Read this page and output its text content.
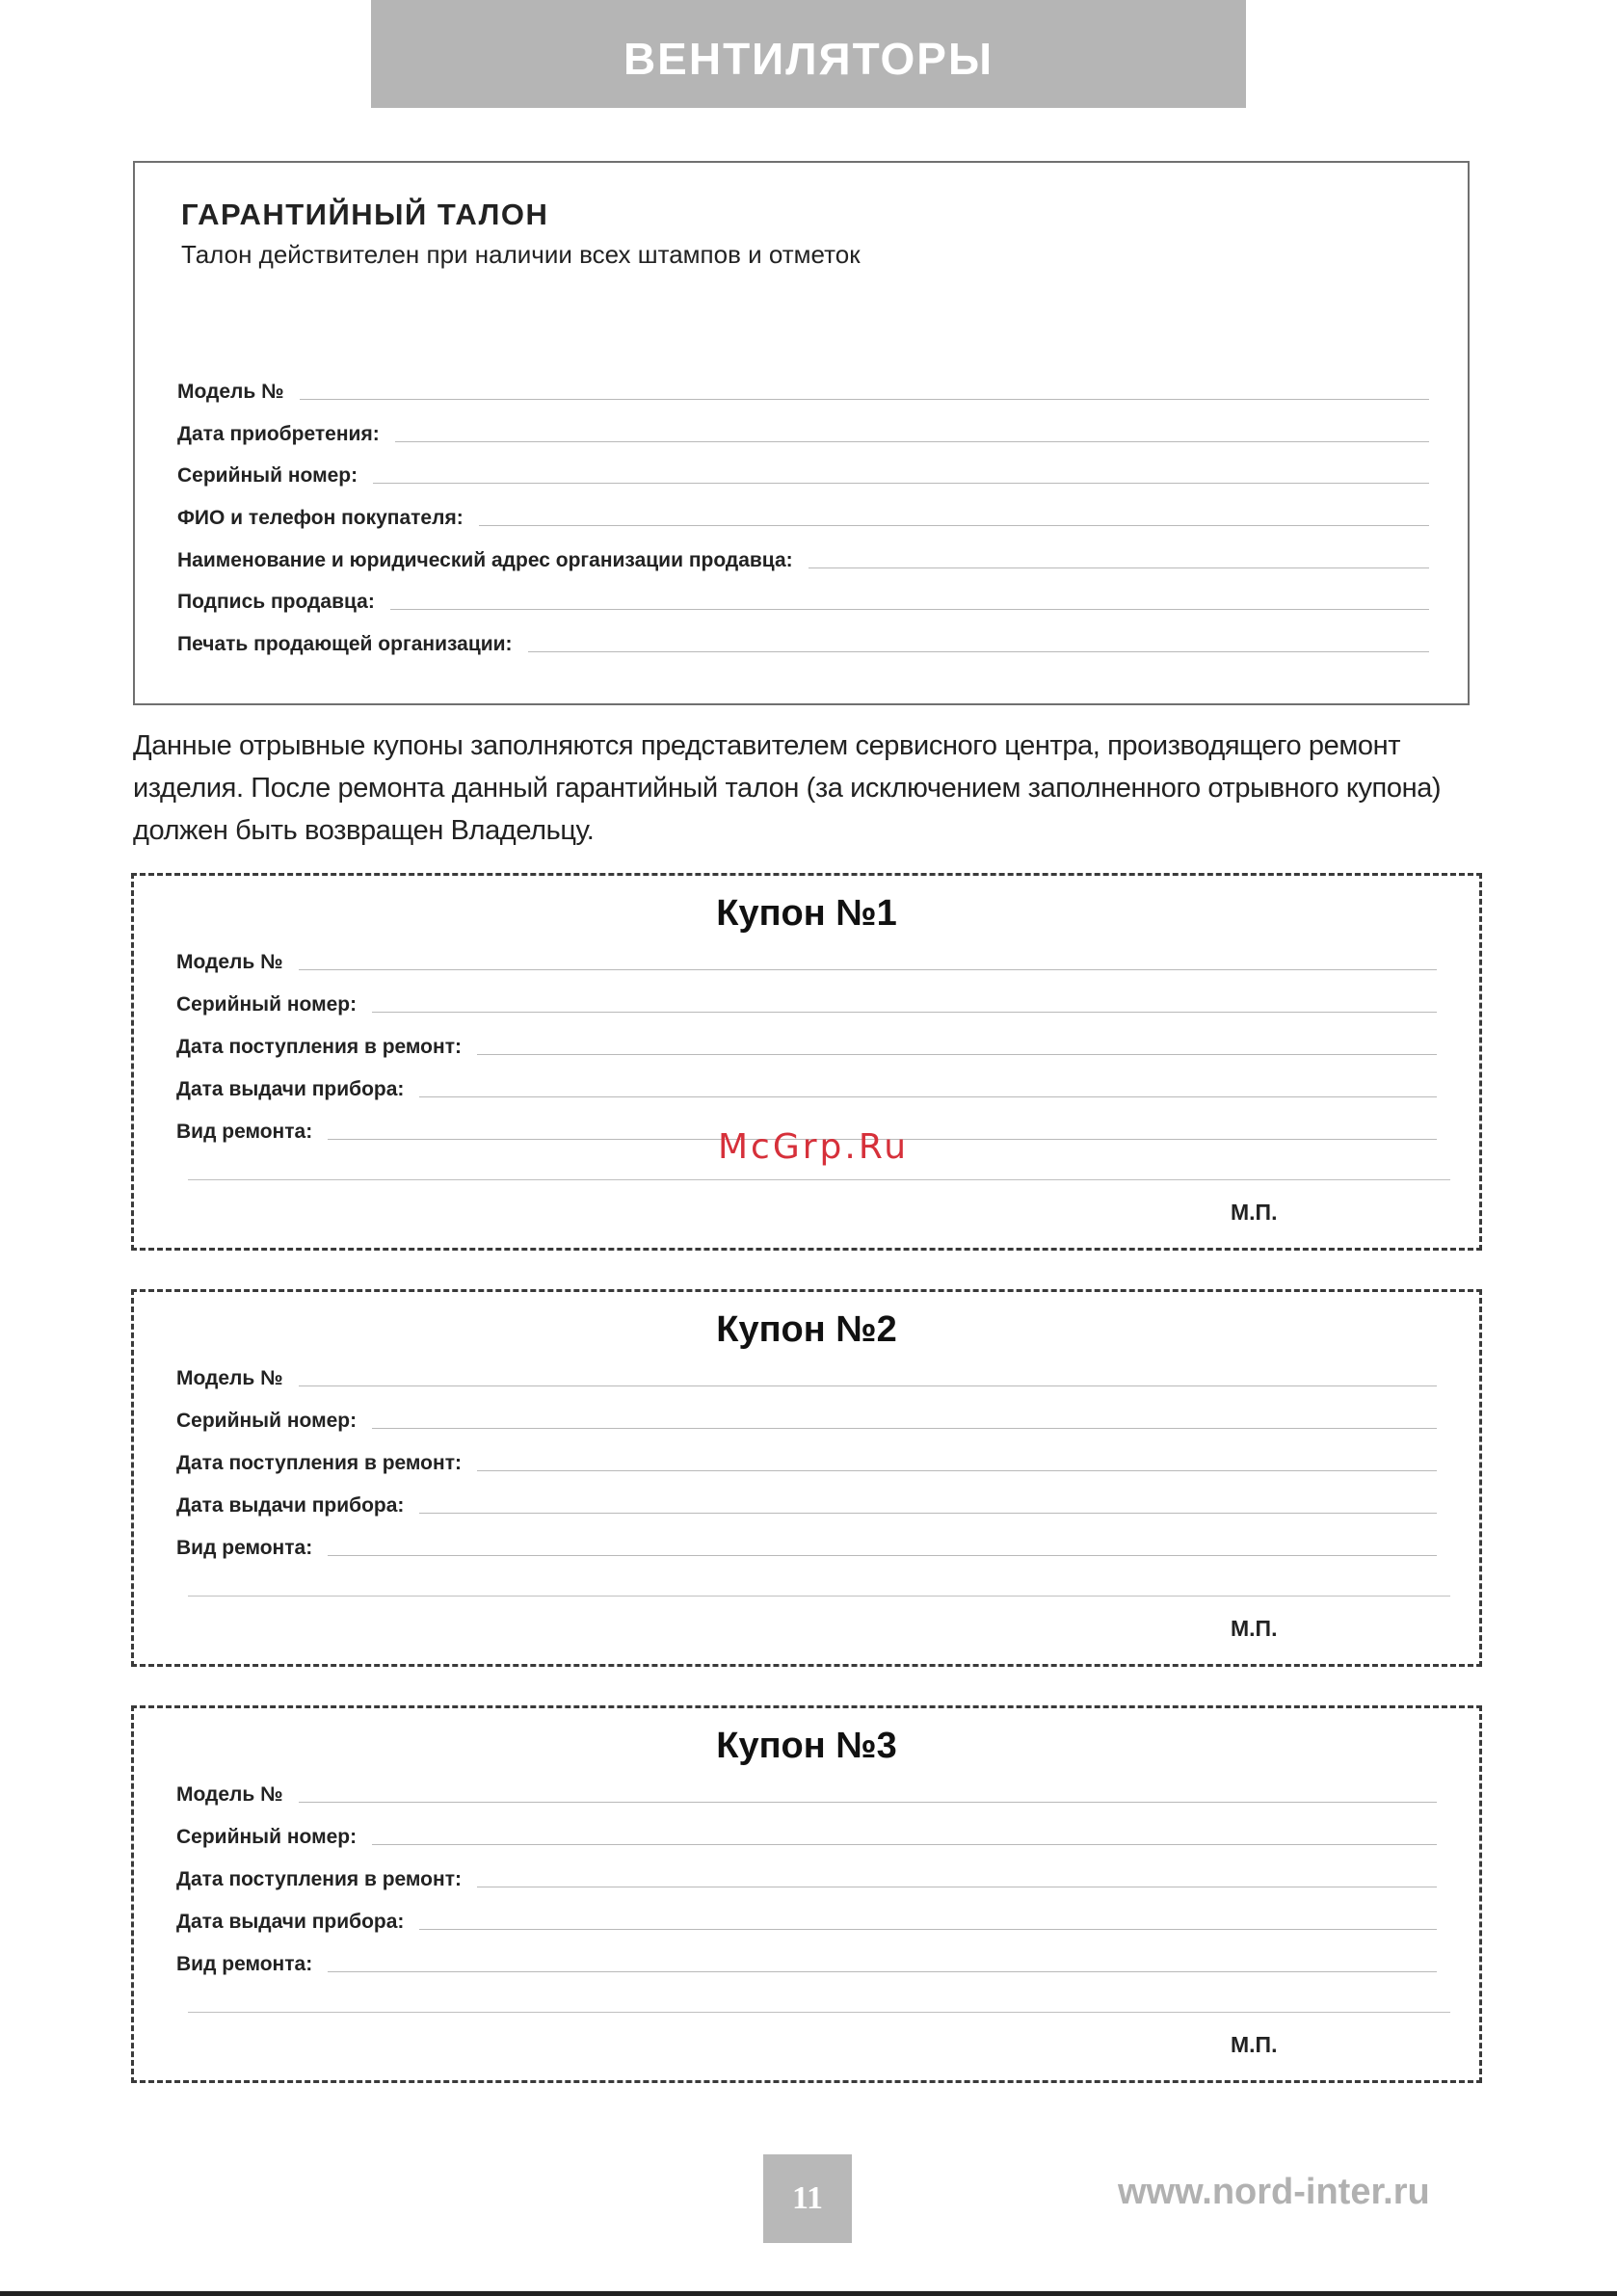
ВЕНТИЛЯТОРЫ
ГАРАНТИЙНЫЙ ТАЛОН
Талон действителен при наличии всех штампов и отметок
Модель №
Дата приобретения:
Серийный номер:
ФИО и телефон покупателя:
Наименование и юридический адрес организации продавца:
Подпись продавца:
Печать продающей организации:
Данные отрывные купоны заполняются представителем сервисного центра, производящего ремонт изделия. После ремонта данный гарантийный талон (за исключением заполненного отрывного купона) должен быть возвращен Владельцу.
Купон №1
Модель №
Серийный номер:
Дата поступления в ремонт:
Дата выдачи прибора:
Вид ремонта:
М.П.
Купон №2
Модель №
Серийный номер:
Дата поступления в ремонт:
Дата выдачи прибора:
Вид ремонта:
М.П.
Купон №3
Модель №
Серийный номер:
Дата поступления в ремонт:
Дата выдачи прибора:
Вид ремонта:
М.П.
McGrp.Ru
11	www.nord-inter.ru
